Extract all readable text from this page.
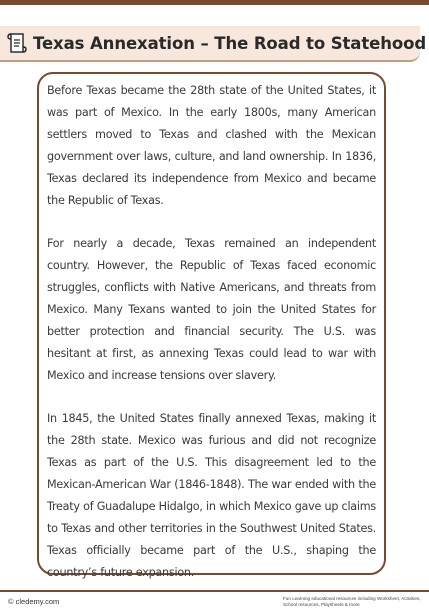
Texas Annexation – The Road to Statehood

Before Texas became the 28th state of the United States, it was part of Mexico. In the early 1800s, many American settlers moved to Texas and clashed with the Mexican government over laws, culture, and land ownership. In 1836, Texas declared its independence from Mexico and became the Republic of Texas.

For nearly a decade, Texas remained an independent country. However, the Republic of Texas faced economic struggles, conflicts with Native Americans, and threats from Mexico. Many Texans wanted to join the United States for better protection and financial security. The U.S. was hesitant at first, as annexing Texas could lead to war with Mexico and increase tensions over slavery.

In 1845, the United States finally annexed Texas, making it the 28th state. Mexico was furious and did not recognize Texas as part of the U.S. This disagreement led to the Mexican-American War (1846-1848). The war ended with the Treaty of Guadalupe Hidalgo, in which Mexico gave up claims to Texas and other territories in the Southwest United States. Texas officially became part of the U.S., shaping the country’s future expansion.

© cledemy.com	Fun Learning educational resources including Worksheet, Activities, School resources, Playsheets & more
